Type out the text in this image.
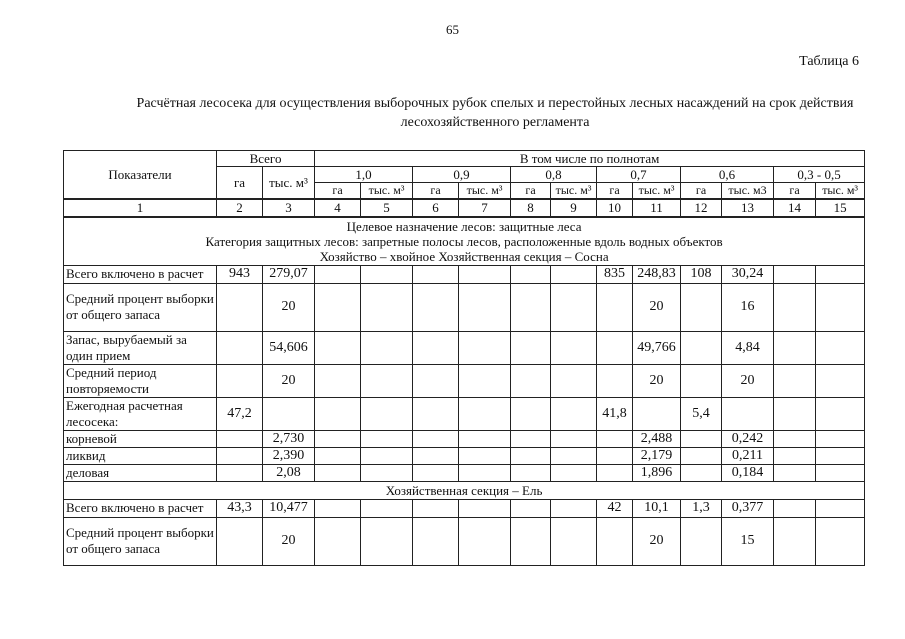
65
Таблица 6
Расчётная лесосека для осуществления выборочных рубок спелых и перестойных лесных насаждений на срок действия лесохозяйственного регламента
Показатели	Всего		В том числе по полнотам											
	га	тыс. м³	1,0		0,9		0,8		0,7		0,6		0,3 - 0,5	
			га	тыс. м³	га	тыс. м³	га	тыс. м³	га	тыс. м³	га	тыс. м3	га	тыс. м³
1	2	3	4	5	6	7	8	9	10	11	12	13	14	15

Целевое назначение лесов: защитные леса
Категория защитных лесов: запретные полосы лесов, расположенные вдоль водных объектов
Хозяйство – хвойное Хозяйственная секция – Сосна														

Всего включено в расчет	943	279,07							835	248,83	108	30,24		
Средний процент выборки от общего запаса		20								20		16		
Запас, вырубаемый за один прием		54,606								49,766		4,84		
Средний период повторяемости		20								20		20		
Ежегодная расчетная лесосека:	47,2								41,8		5,4			
корневой		2,730								2,488		0,242		
ликвид		2,390								2,179		0,211		
деловая		2,08								1,896		0,184		
Хозяйственная секция – Ель														
Всего включено в расчет	43,3	10,477							42	10,1	1,3	0,377		
Средний процент выборки от общего запаса		20								20		15		
